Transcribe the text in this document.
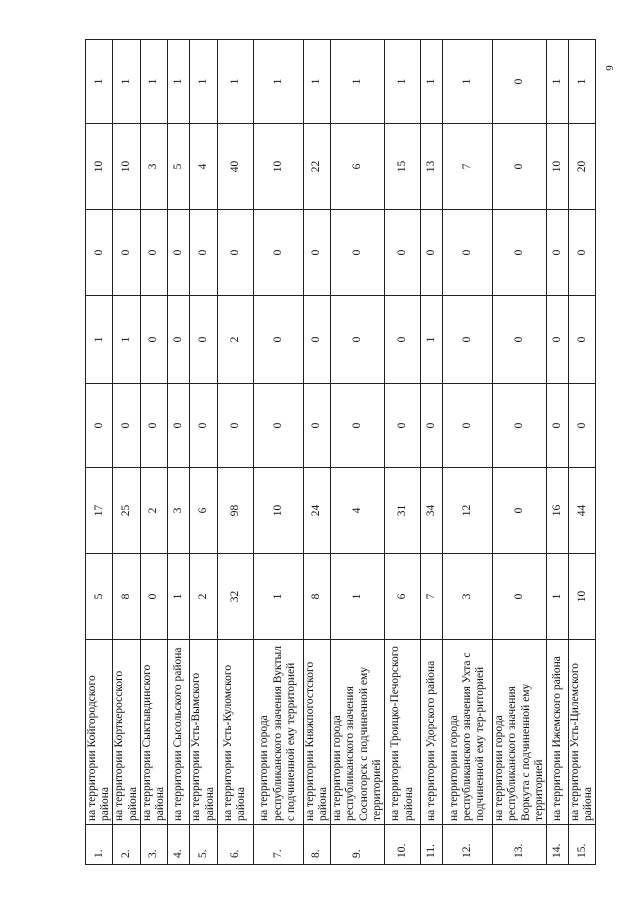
6
1.	на территории Койгородского района	5	17	0	1	0	10	1
2.	на территории Корткеросского района	8	25	0	1	0	10	1
3.	на территории Сыктывдинского района	0	2	0	0	0	3	1
4.	на территории Сысольского района	1	3	0	0	0	5	1
5.	на территории Усть-Вымского района	2	6	0	0	0	4	1
6.	на территории Усть-Куломского района	32	98	0	2	0	40	1
7.	на территории города республиканского значения Вуктыл с подчиненной ему территорией	1	10	0	0	0	10	1
8.	на территории Княжпогостского района	8	24	0	0	0	22	1
9.	на территории города республиканского значения Сосногорск с подчиненной ему территорией	1	4	0	0	0	6	1
10.	на территории Троицко-Печорского района	6	31	0	0	0	15	1
11.	на территории Удорского района	7	34	0	1	0	13	1
12.	на территории города республиканского значения Ухта с подчиненной ему тер-риторией	3	12	0	0	0	7	1
13.	на территории города республиканского значения Воркута с подчиненной ему территорией	0	0	0	0	0	0	0
14.	на территории Ижемского района	1	16	0	0	0	10	1
15.	на территории Усть-Цилемского района	10	44	0	0	0	20	1
